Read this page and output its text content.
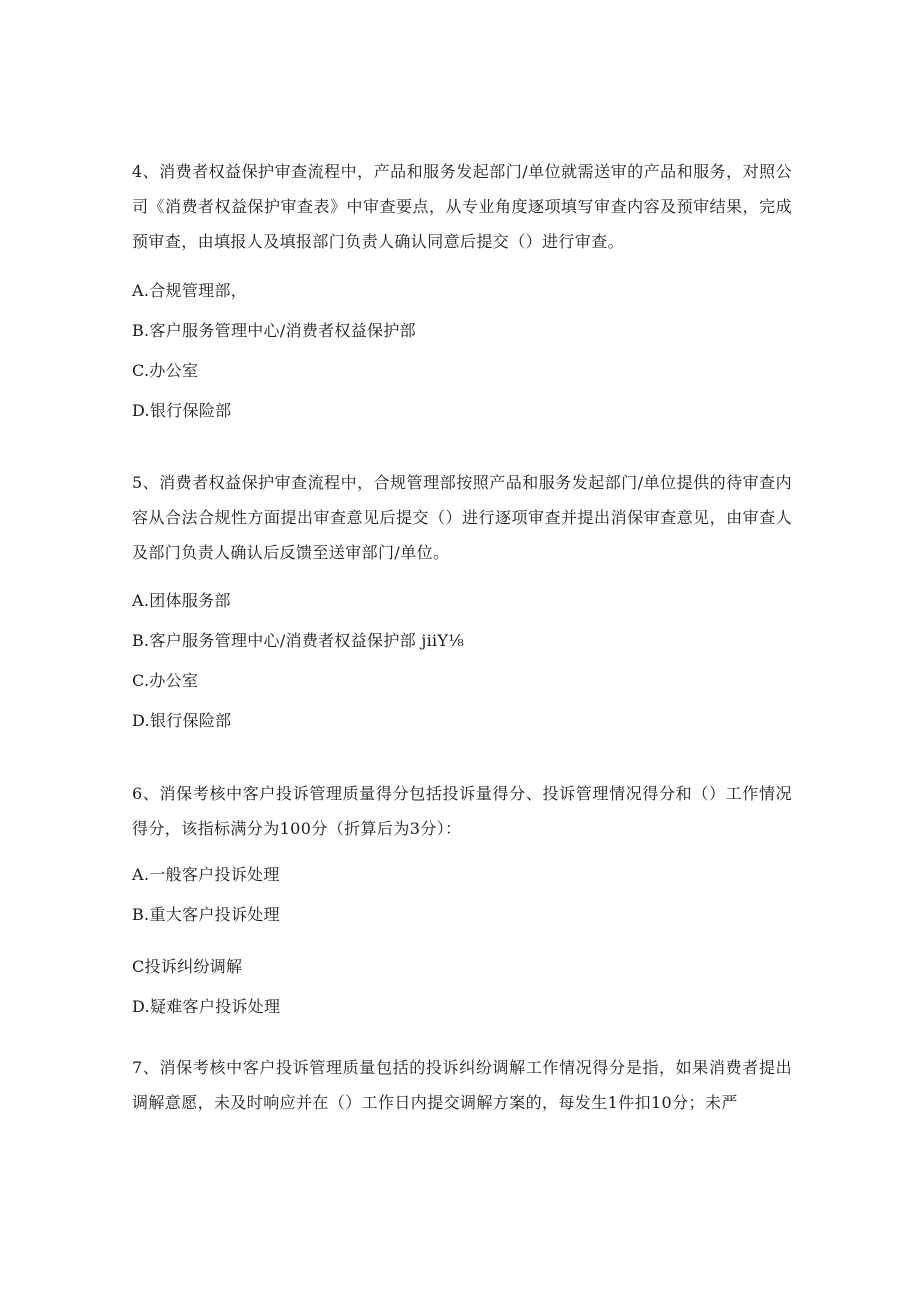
4、消费者权益保护审查流程中，产品和服务发起部门/单位就需送审的产品和服务，对照公司《消费者权益保护审查表》中审查要点，从专业角度逐项填写审查内容及预审结果，完成预审查，由填报人及填报部门负责人确认同意后提交（）进行审查。
A.合规管理部，
B.客户服务管理中心/消费者权益保护部
C.办公室
D.银行保险部
5、消费者权益保护审查流程中，合规管理部按照产品和服务发起部门/单位提供的待审查内容从合法合规性方面提出审查意见后提交（）进行逐项审查并提出消保审查意见，由审查人及部门负责人确认后反馈至送审部门/单位。
A.团体服务部
B.客户服务管理中心/消费者权益保护部 jiiY⅛
C.办公室
D.银行保险部
6、消保考核中客户投诉管理质量得分包括投诉量得分、投诉管理情况得分和（）工作情况得分，该指标满分为100分（折算后为3分）：
A.一般客户投诉处理
B.重大客户投诉处理
C投诉纠纷调解
D.疑难客户投诉处理
7、消保考核中客户投诉管理质量包括的投诉纠纷调解工作情况得分是指，如果消费者提出调解意愿，未及时响应并在（）工作日内提交调解方案的，每发生1件扣10分；未严
